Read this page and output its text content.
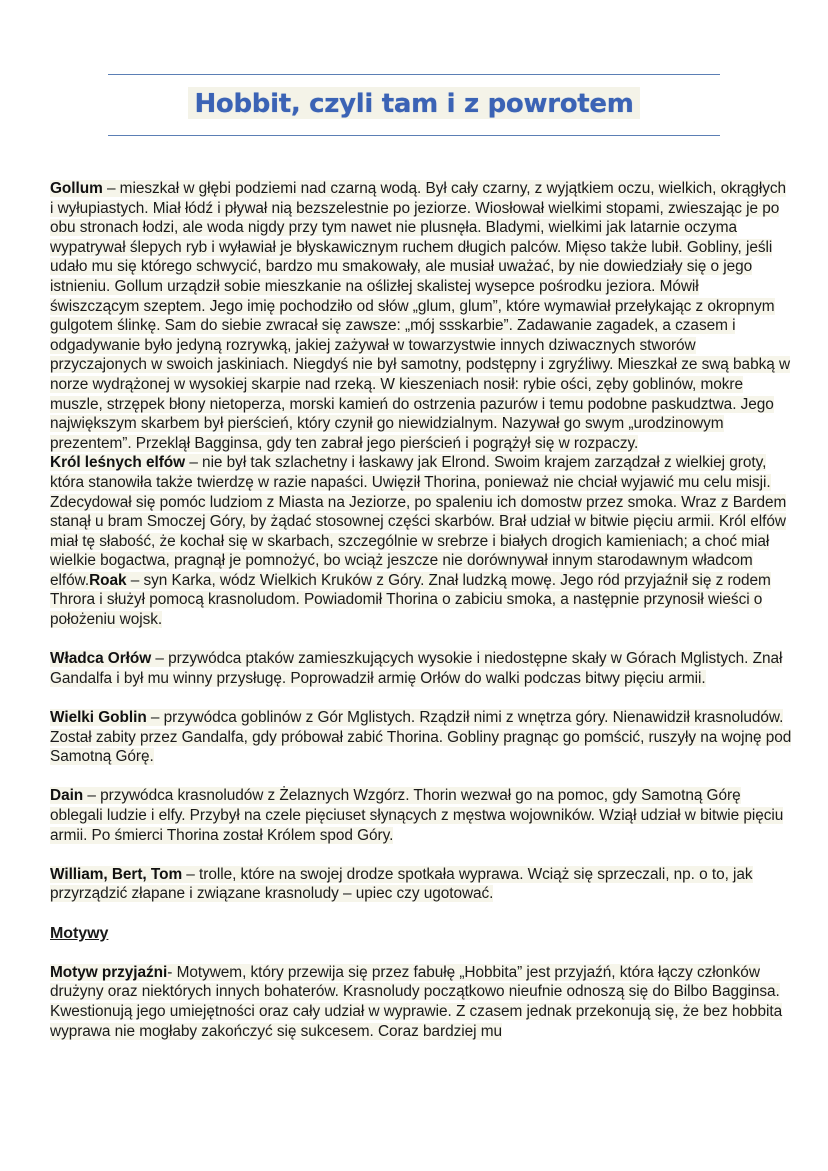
Hobbit, czyli tam i z powrotem

Gollum – mieszkał w głębi podziemi nad czarną wodą. Był cały czarny, z wyjątkiem oczu, wielkich, okrągłych i wyłupiastych. Miał łódź i pływał nią bezszelestnie po jeziorze. Wiosłował wielkimi stopami, zwieszając je po obu stronach łodzi, ale woda nigdy przy tym nawet nie plusnęła. Bladymi, wielkimi jak latarnie oczyma wypatrywał ślepych ryb i wyławiał je błyskawicznym ruchem długich palców. Mięso także lubił. Gobliny, jeśli udało mu się którego schwycić, bardzo mu smakowały, ale musiał uważać, by nie dowiedziały się o jego istnieniu. Gollum urządził sobie mieszkanie na oślizłej skalistej wysepce pośrodku jeziora. Mówił świszczącym szeptem. Jego imię pochodziło od słów „glum, glum”, które wymawiał przełykając z okropnym gulgotem ślinkę. Sam do siebie zwracał się zawsze: „mój ssskarbie”. Zadawanie zagadek, a czasem i odgadywanie było jedyną rozrywką, jakiej zażywał w towarzystwie innych dziwacznych stworów przyczajonych w swoich jaskiniach. Niegdyś nie był samotny, podstępny i zgryźliwy. Mieszkał ze swą babką w norze wydrążonej w wysokiej skarpie nad rzeką. W kieszeniach nosił: rybie ości, zęby goblinów, mokre muszle, strzępek błony nietoperza, morski kamień do ostrzenia pazurów i temu podobne paskudztwa. Jego największym skarbem był pierścień, który czynił go niewidzialnym. Nazywał go swym „urodzinowym prezentem”. Przeklął Bagginsa, gdy ten zabrał jego pierścień i pogrążył się w rozpaczy.

Król leśnych elfów – nie był tak szlachetny i łaskawy jak Elrond. Swoim krajem zarządzał z wielkiej groty, która stanowiła także twierdzę w razie napaści. Uwięził Thorina, ponieważ nie chciał wyjawić mu celu misji. Zdecydował się pomóc ludziom z Miasta na Jeziorze, po spaleniu ich domostw przez smoka. Wraz z Bardem stanął u bram Smoczej Góry, by żądać stosownej części skarbów. Brał udział w bitwie pięciu armii. Król elfów miał tę słabość, że kochał się w skarbach, szczególnie w srebrze i białych drogich kamieniach; a choć miał wielkie bogactwa, pragnął je pomnożyć, bo wciąż jeszcze nie dorównywał innym starodawnym władcom elfów.Roak – syn Karka, wódz Wielkich Kruków z Góry. Znał ludzką mowę. Jego ród przyjaźnił się z rodem Throra i służył pomocą krasnoludom. Powiadomił Thorina o zabiciu smoka, a następnie przynosił wieści o położeniu wojsk.

Władca Orłów – przywódca ptaków zamieszkujących wysokie i niedostępne skały w Górach Mglistych. Znał Gandalfa i był mu winny przysługę. Poprowadził armię Orłów do walki podczas bitwy pięciu armii.

Wielki Goblin – przywódca goblinów z Gór Mglistych. Rządził nimi z wnętrza góry. Nienawidził krasnoludów. Został zabity przez Gandalfa, gdy próbował zabić Thorina. Gobliny pragnąc go pomścić, ruszyły na wojnę pod Samotną Górę.

Dain – przywódca krasnoludów z Żelaznych Wzgórz. Thorin wezwał go na pomoc, gdy Samotną Górę oblegali ludzie i elfy. Przybył na czele pięciuset słynących z męstwa wojowników. Wziął udział w bitwie pięciu armii. Po śmierci Thorina został Królem spod Góry.

William, Bert, Tom – trolle, które na swojej drodze spotkała wyprawa. Wciąż się sprzeczali, np. o to, jak przyrządzić złapane i związane krasnoludy – upiec czy ugotować.

Motywy

Motyw przyjaźni- Motywem, który przewija się przez fabułę „Hobbita” jest przyjaźń, która łączy członków drużyny oraz niektórych innych bohaterów. Krasnoludy początkowo nieufnie odnoszą się do Bilbo Bagginsa. Kwestionują jego umiejętności oraz cały udział w wyprawie. Z czasem jednak przekonują się, że bez hobbita wyprawa nie mogłaby zakończyć się sukcesem. Coraz bardziej mu
